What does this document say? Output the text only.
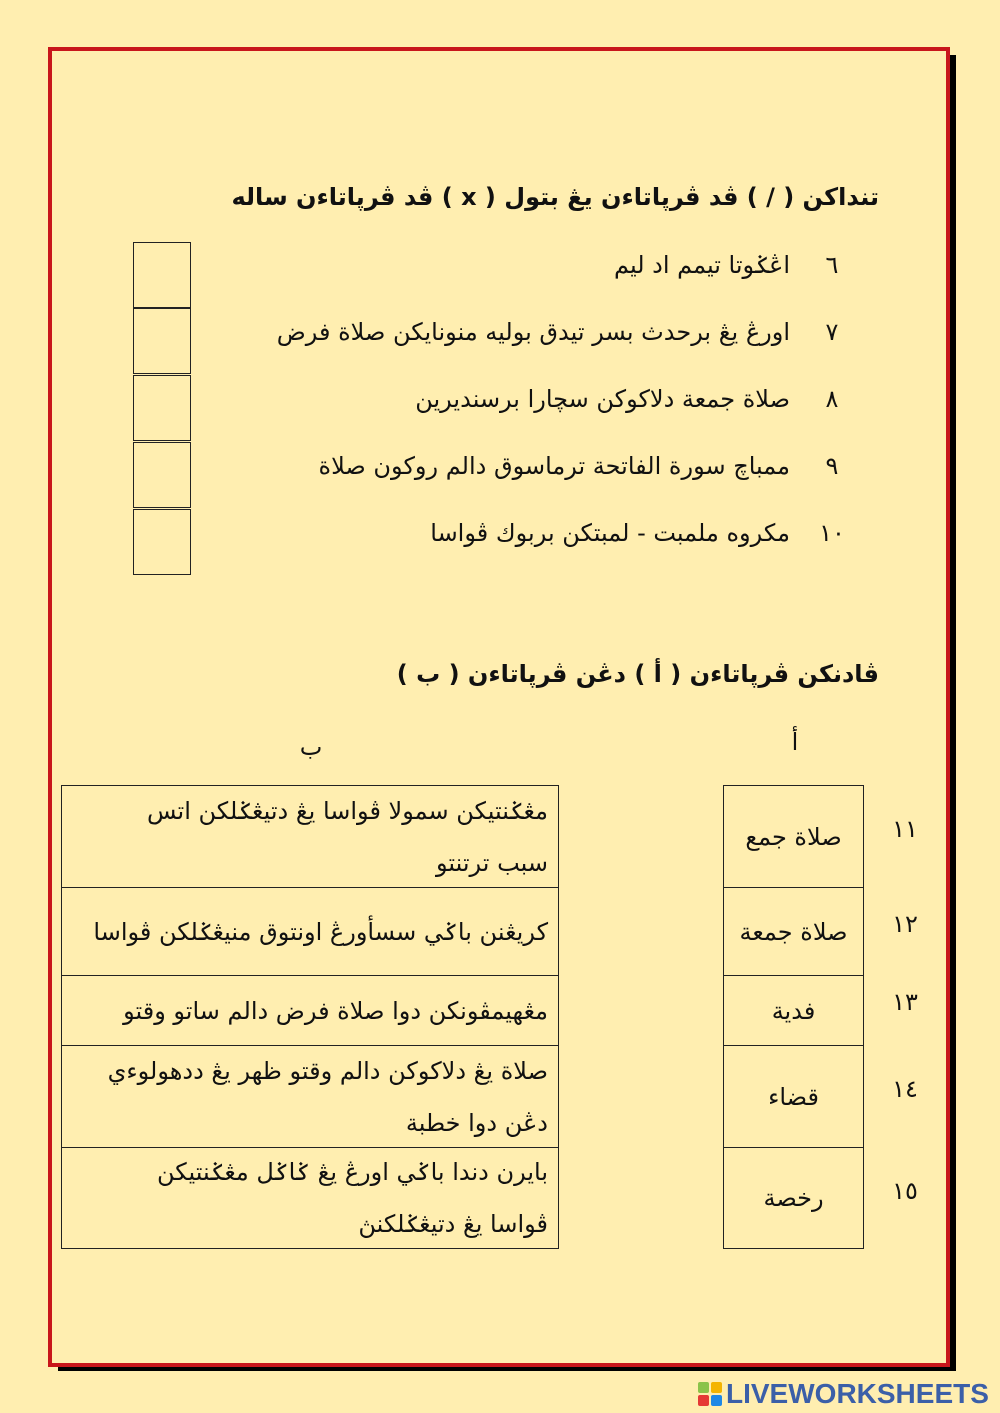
تنداكن ( / ) ڤد ڤرڽاتاءن يڠ بتول ( x ) ڤد ڤرڽاتاءن ساله
٦
اڠݢوتا تيمم اد ليم
٧
اورڠ يڠ برحدث بسر تيدق بوليه منونايكن صلاة فرض
٨
صلاة جمعة دلاكوكن سچارا برسنديرين
٩
ممباچ سورة الفاتحة ترماسوق دالم روكون صلاة
١٠
مكروه ملمبت - لمبتكن بربوك ڤواسا
ڤادنكن ڤرڽاتاءن ( أ ) دڠن ڤرڽاتاءن ( ب )
أ
ب
١١
صلاة جمع
مڠݢنتيكن سمولا ڤواسا يڠ دتيڠݢلكن اتس
سبب ترتنتو
١٢
صلاة جمعة
كريڠنن باݢي سسأورڠ اونتوق منيڠݢلكن ڤواسا
١٣
فدية
مڠهيمڤونكن دوا صلاة فرض دالم ساتو وقتو
١٤
قضاء
صلاة يڠ دلاكوكن دالم وقتو ظهر يڠ ددهولوءي
دڠن دوا خطبة
١٥
رخصة
بايرن دندا باݢي اورڠ يڠ ݢاݢل مڠݢنتيكن
ڤواسا يڠ دتيڠݢلكنڽ
LIVEWORKSHEETS
